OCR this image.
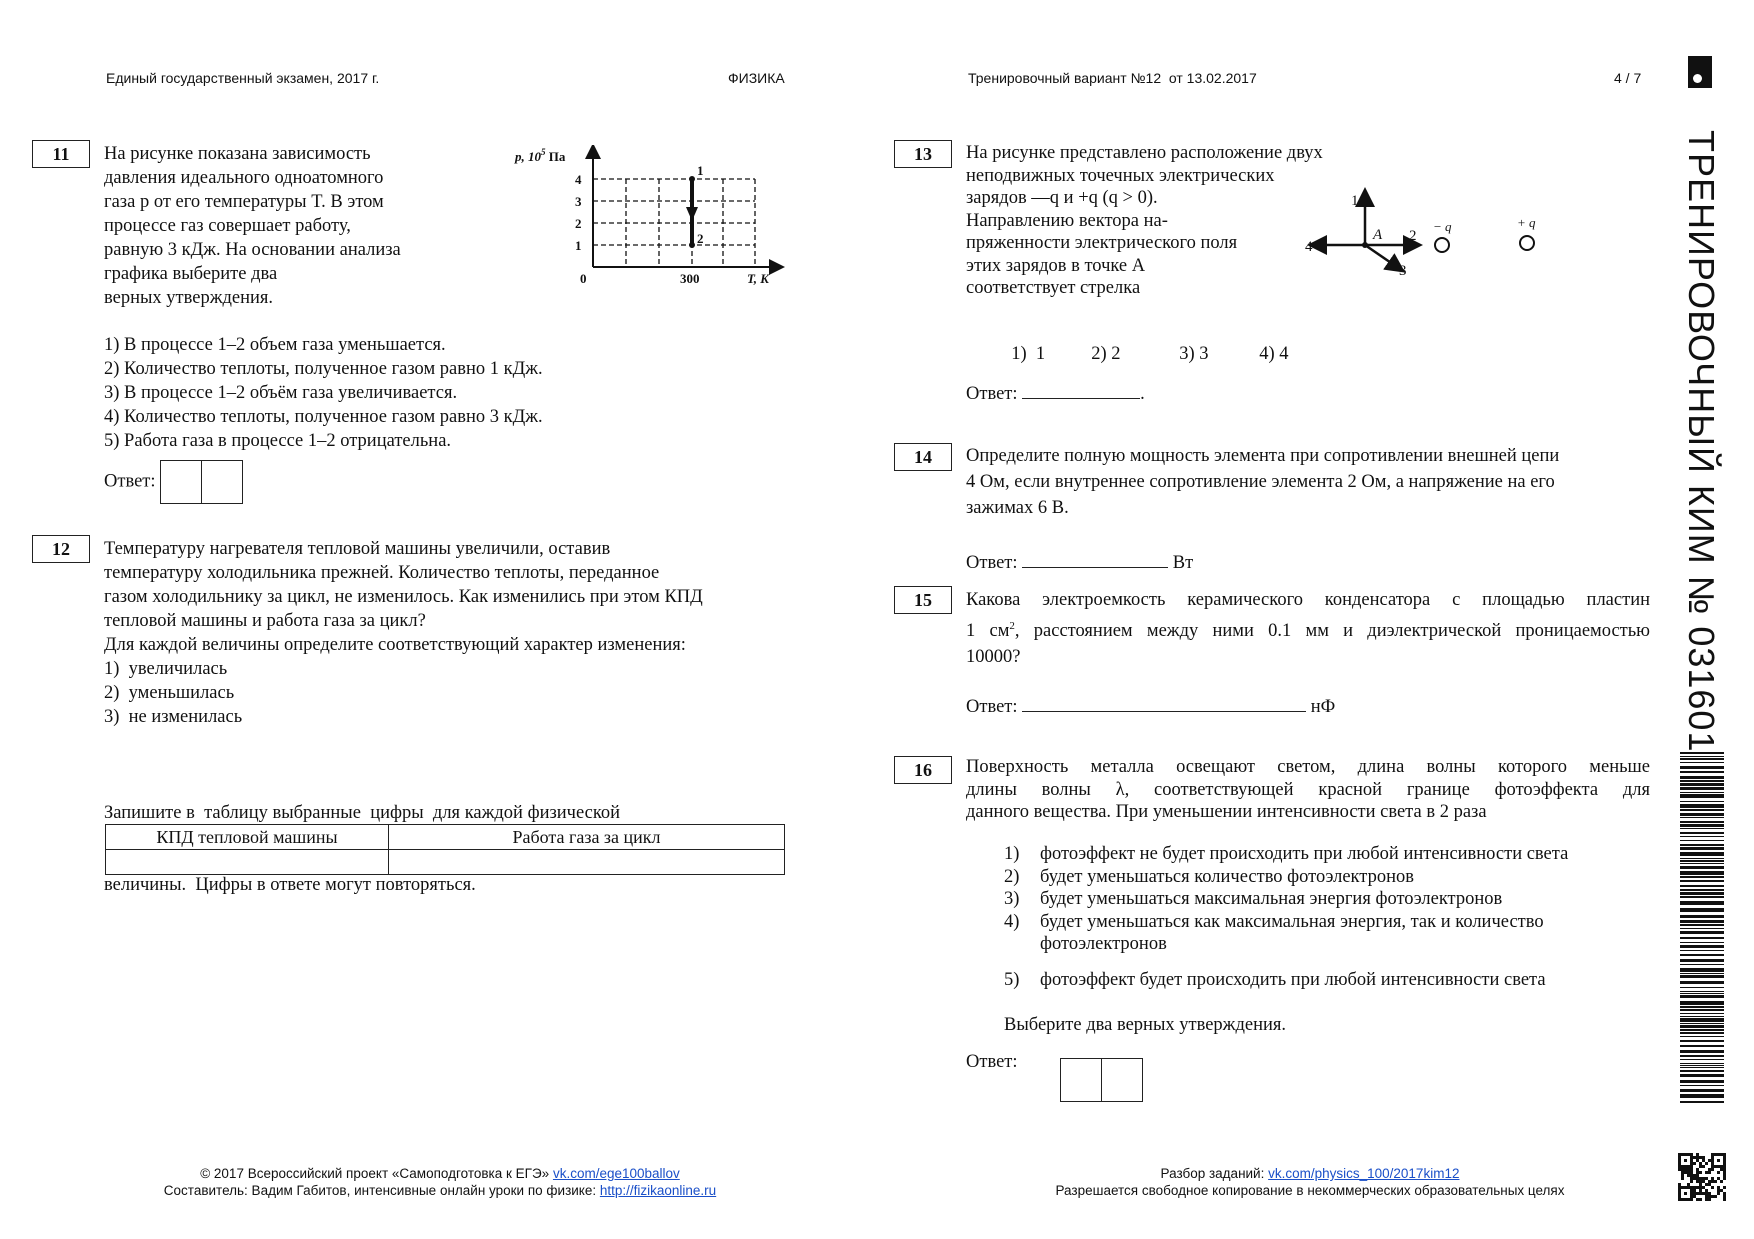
Единый государственный экзамен, 2017 г.	ФИЗИКА	Тренировочный вариант №12  от 13.02.2017	4 / 7
ТРЕНИРОВОЧНЫЙ КИМ № 031601
11	На рисунке показана зависимость
давления идеального одноатомного
газа p от его температуры T. В этом
процессе газ совершает работу,
равную 3 кДж. На основании анализа
графика выберите два
верных утверждения.
p, $10^5$ Па
4
3
2
1
0	300	T, K
1
2
1) В процессе 1–2 объем газа уменьшается.
2) Количество теплоты, полученное газом равно 1 кДж.
3) В процессе 1–2 объём газа увеличивается.
4) Количество теплоты, полученное газом равно 3 кДж.
5) Работа газа в процессе 1–2 отрицательна.
Ответ:
12	Температуру нагревателя тепловой машины увеличили, оставив
температуру холодильника прежней. Количество теплоты, переданное
газом холодильнику за цикл, не изменилось. Как изменились при этом КПД
тепловой машины и работа газа за цикл?
Для каждой величины определите соответствующий характер изменения:
1)  увеличилась
2)  уменьшилась
3)  не изменилась

Запишите в  таблицу выбранные  цифры  для каждой физической

величины.  Цифры в ответе могут повторяться.

КПД тепловой машины	Работа газа за цикл

13	На рисунке представлено расположение двух
неподвижных точечных электрических
зарядов —q и +q (q > 0).
Направлению вектора на-
пряженности электрического поля
этих зарядов в точке A
соответствует стрелка
1
2
3
4
A
− q	+ q

1)  1 2) 2	3) 3	4) 4

Ответ:	.
14	Определите полную мощность элемента при сопротивлении внешней цепи
4 Ом, если внутреннее сопротивление элемента 2 Ом, а напряжение на его
зажимах 6 В.
Ответ:	Вт
15	Какова электроемкость керамического конденсатора с площадью пластин
1 $см^2$, расстоянием между ними 0.1 мм и диэлектрической проницаемостью
10000?
Ответ:	нФ
16	Поверхность металла освещают светом, длина волны которого меньше
длины волны λ, соответствующей красной границе фотоэффекта для
данного вещества. При уменьшении интенсивности света в 2 раза
1)	фотоэффект не будет происходить при любой интенсивности света
2)	будет уменьшаться количество фотоэлектронов
3)	будет уменьшаться максимальная энергия фотоэлектронов
4)	будет уменьшаться как максимальная энергия, так и количество фотоэлектронов
5)	фотоэффект будет происходить при любой интенсивности света
Выберите два верных утверждения.
Ответ:
© 2017 Всероссийский проект «Самоподготовка к ЕГЭ» vk.com/ege100ballov
Составитель: Вадим Габитов, интенсивные онлайн уроки по физике: http://fizikaonline.ru
Разбор заданий: vk.com/physics_100/2017kim12
Разрешается свободное копирование в некоммерческих образовательных целях
